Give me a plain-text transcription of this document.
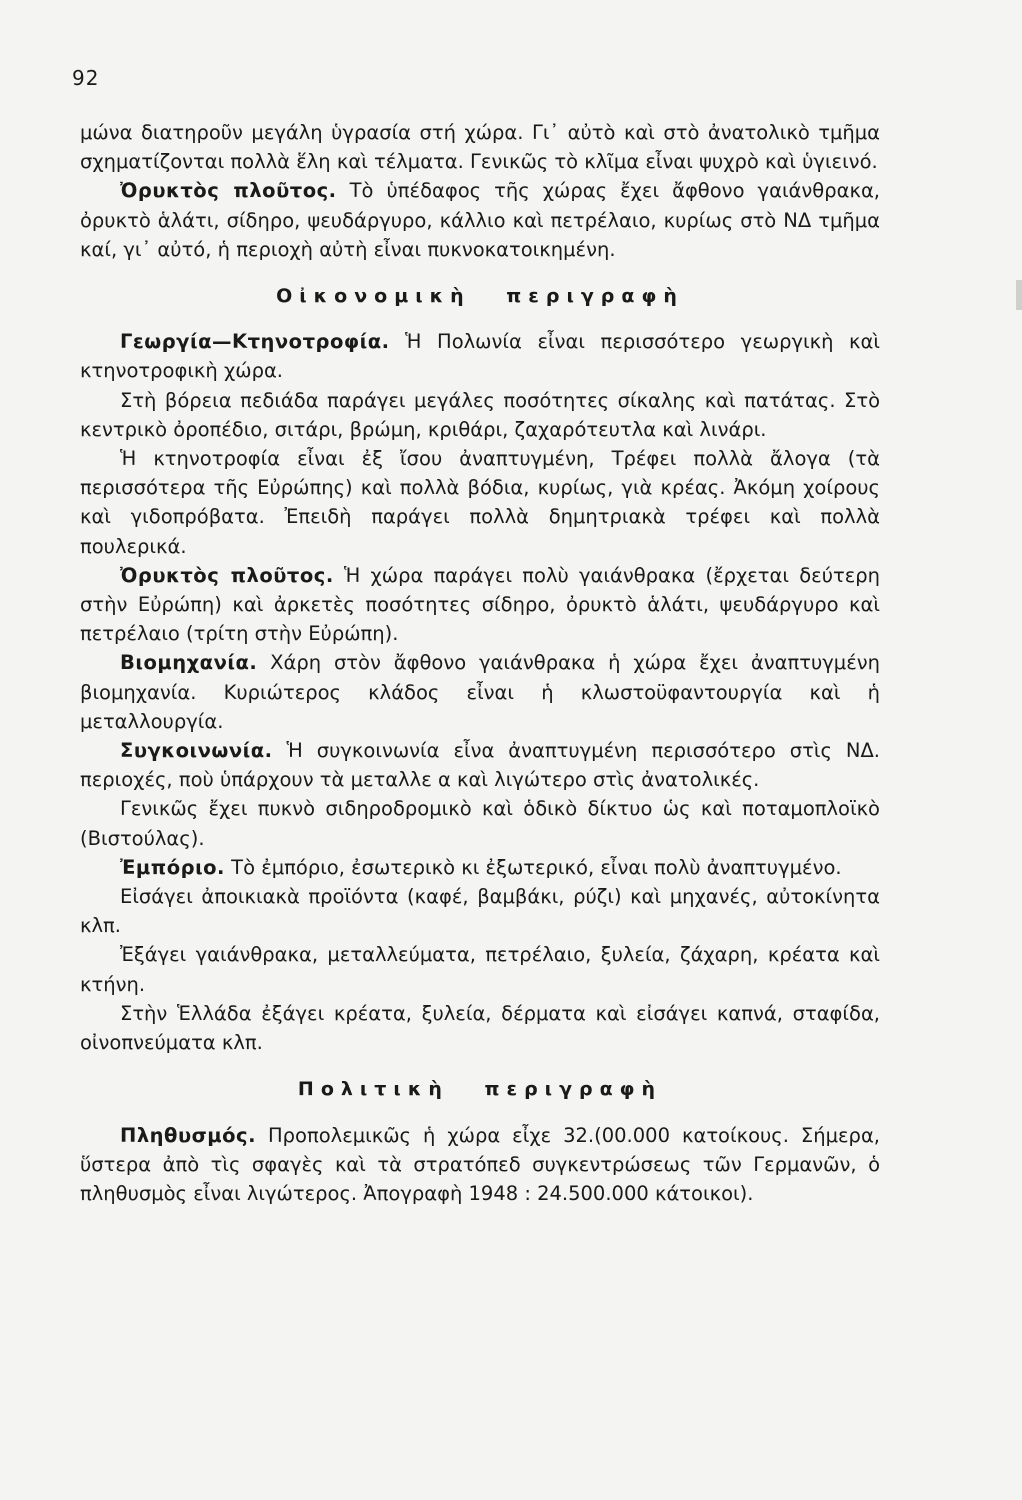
92

μώνα διατηροῦν μεγάλη ὑγρασία στή χώρα. Γι᾽ αὐτὸ καὶ στὸ ἀνατολικὸ τμῆμα σχηματίζονται πολλὰ ἕλη καὶ τέλματα. Γενικῶς τὸ κλῖμα εἶναι ψυχρὸ καὶ ὑγιεινό.

Ὀρυκτὸς πλοῦτος. Τὸ ὑπέδαφος τῆς χώρας ἔχει ἄφθονο γαιάνθρακα, ὀρυκτὸ ἁλάτι, σίδηρο, ψευδάργυρο, κάλλιο καὶ πετρέλαιο, κυρίως στὸ ΝΔ τμῆμα καί, γι᾽ αὐτό, ἡ περιοχὴ αὐτὴ εἶναι πυκνοκατοικημένη.

Οἰκονομικὴ περιγραφὴ

Γεωργία—Κτηνοτροφία. Ἡ Πολωνία εἶναι περισσότερο γεωργικὴ καὶ κτηνοτροφικὴ χώρα.

Στὴ βόρεια πεδιάδα παράγει μεγάλες ποσότητες σίκαλης καὶ πατάτας. Στὸ κεντρικὸ ὀροπέδιο, σιτάρι, βρώμη, κριθάρι, ζαχαρότευτλα καὶ λινάρι.

Ἡ κτηνοτροφία εἶναι ἐξ ἴσου ἀναπτυγμένη, Τρέφει πολλὰ ἄλογα (τὰ περισσότερα τῆς Εὐρώπης) καὶ πολλὰ βόδια, κυρίως, γιὰ κρέας. Ἀκόμη χοίρους καὶ γιδοπρόβατα. Ἐπειδὴ παράγει πολλὰ δημητριακὰ τρέφει καὶ πολλὰ πουλερικά.

Ὀρυκτὸς πλοῦτος. Ἡ χώρα παράγει πολὺ γαιάνθρακα (ἔρχεται δεύτερη στὴν Εὐρώπη) καὶ ἀρκετὲς ποσότητες σίδηρο, ὀρυκτὸ ἁλάτι, ψευδάργυρο καὶ πετρέλαιο (τρίτη στὴν Εὐρώπη).

Βιομηχανία. Χάρη στὸν ἄφθονο γαιάνθρακα ἡ χώρα ἔχει ἀναπτυγμένη βιομηχανία. Κυριώτερος κλάδος εἶναι ἡ κλωστοϋφαντουργία καὶ ἡ μεταλλουργία.

Συγκοινωνία. Ἡ συγκοινωνία εἶνα ἀναπτυγμένη περισσότερο στὶς ΝΔ. περιοχές, ποὺ ὑπάρχουν τὰ μεταλλε α καὶ λιγώτερο στὶς ἀνατολικές.

Γενικῶς ἔχει πυκνὸ σιδηροδρομικὸ καὶ ὁδικὸ δίκτυο ὡς καὶ ποταμοπλοϊκὸ (Βιστούλας).

Ἐμπόριο. Τὸ ἐμπόριο, ἐσωτερικὸ κι ἐξωτερικό, εἶναι πολὺ ἀναπτυγμένο.

Εἰσάγει ἀποικιακὰ προϊόντα (καφέ, βαμβάκι, ρύζι) καὶ μηχανές, αὐτοκίνητα κλπ.

Ἐξάγει γαιάνθρακα, μεταλλεύματα, πετρέλαιο, ξυλεία, ζάχαρη, κρέατα καὶ κτήνη.

Στὴν Ἑλλάδα ἐξάγει κρέατα, ξυλεία, δέρματα καὶ εἰσάγει καπνά, σταφίδα, οἰνοπνεύματα κλπ.

Πολιτικὴ περιγραφὴ

Πληθυσμός. Προπολεμικῶς ἡ χώρα εἶχε 32.(00.000 κατοίκους. Σήμερα, ὕστερα ἀπὸ τὶς σφαγὲς καὶ τὰ στρατόπεδ συγκεντρώσεως τῶν Γερμανῶν, ὁ πληθυσμὸς εἶναι λιγώτερος. Ἀπογραφὴ 1948 : 24.500.000 κάτοικοι).
